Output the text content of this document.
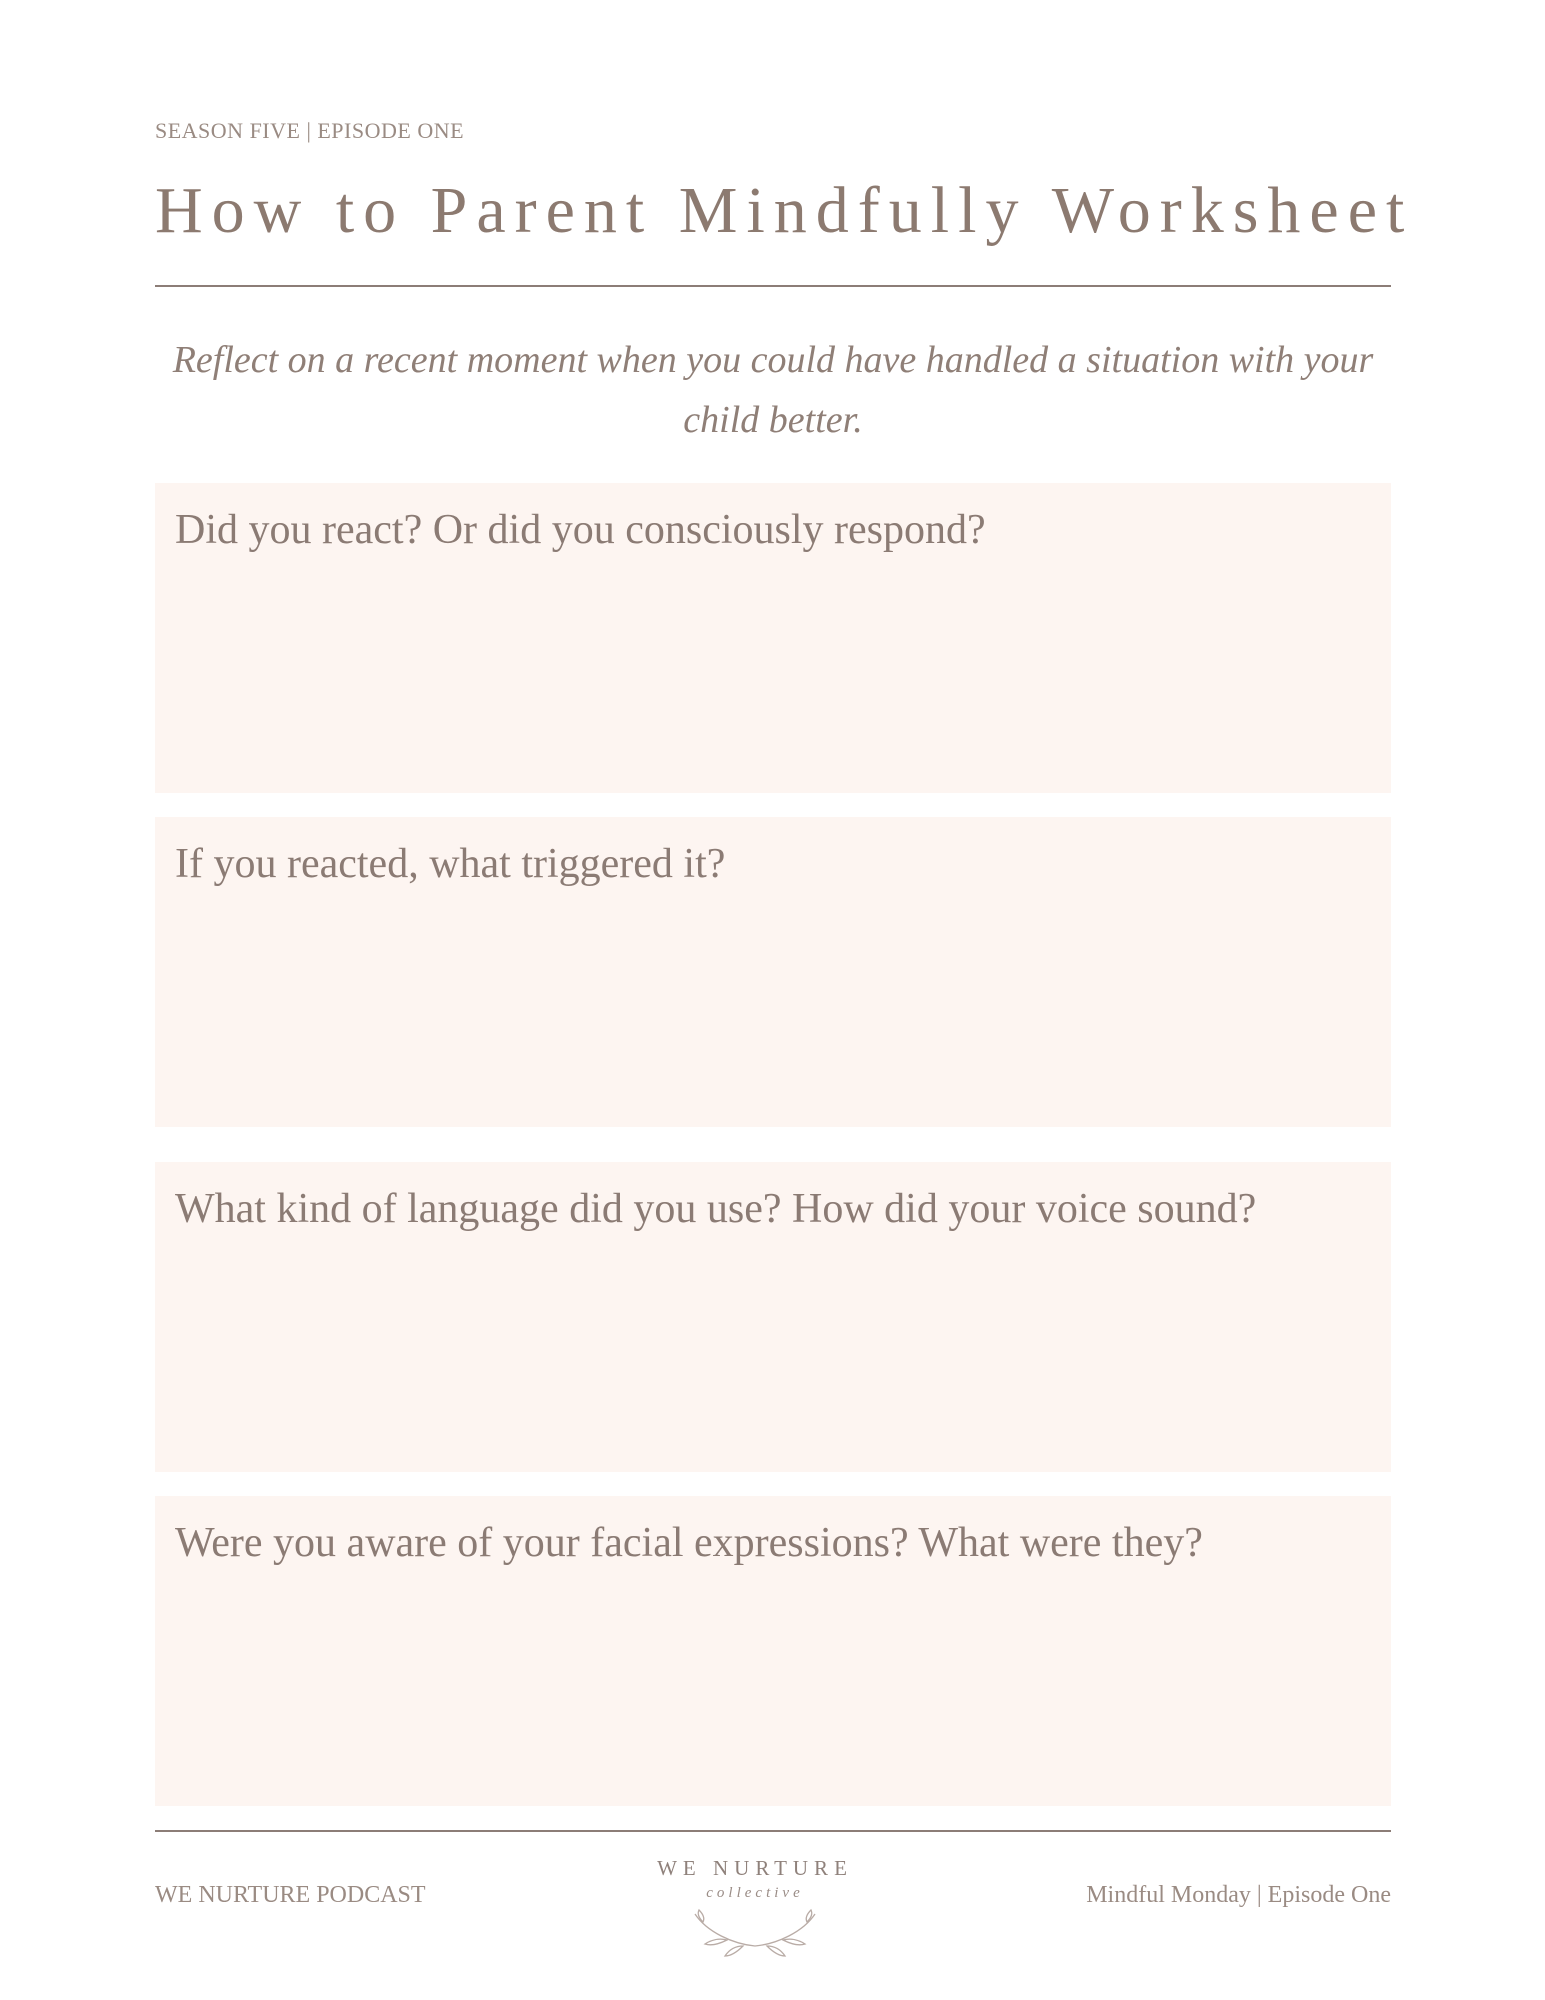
SEASON FIVE | EPISODE ONE
How to Parent Mindfully Worksheet
Reflect on a recent moment when you could have handled a situation with your
child better.
Did you react? Or did you consciously respond?
If you reacted, what triggered it?
What kind of language did you use? How did your voice sound?
Were you aware of your facial expressions? What were they?
WE NURTURE PODCAST
WE NURTURE
collective	Mindful Monday | Episode One
